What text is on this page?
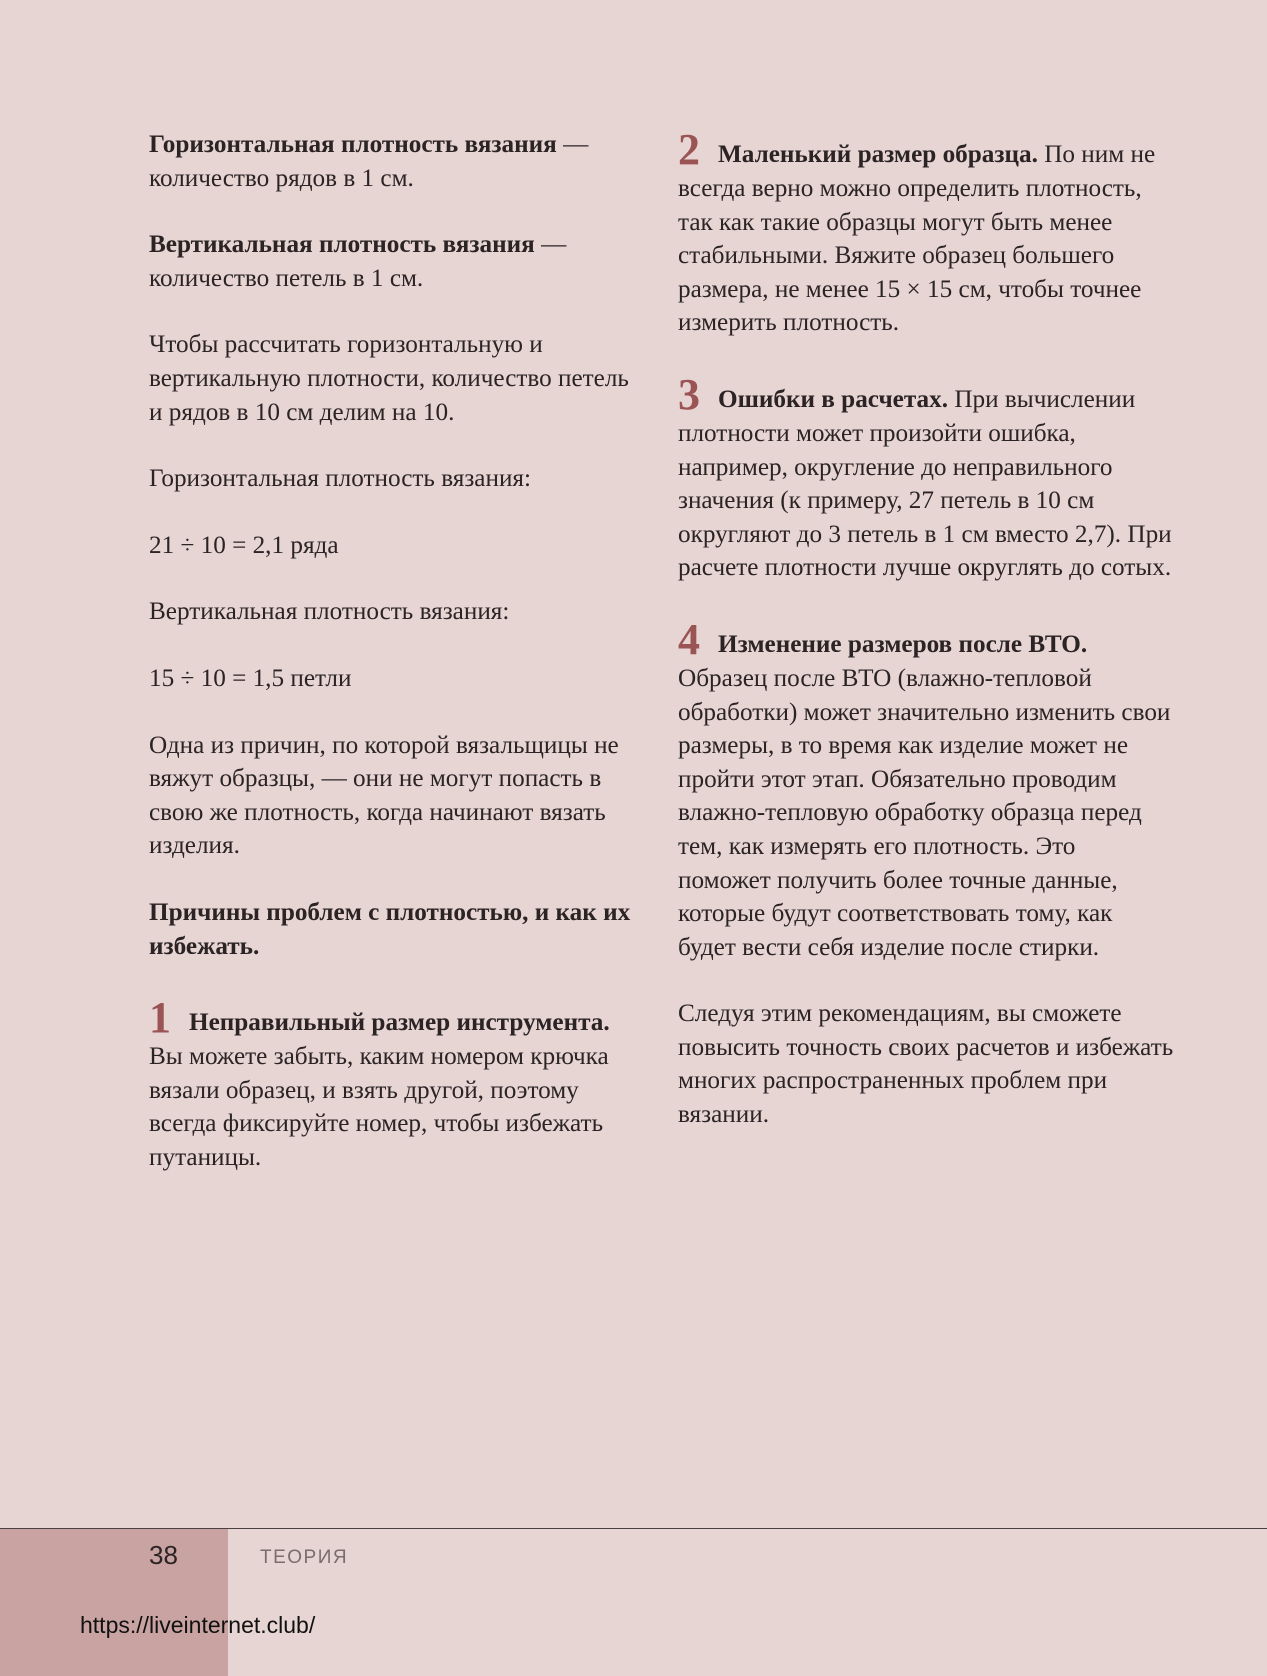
Горизонтальная плотность вязания — количество рядов в 1 см.

Вертикальная плотность вязания — количество петель в 1 см.

Чтобы рассчитать горизонтальную и вертикальную плотности, количество петель и рядов в 10 см делим на 10.

Горизонтальная плотность вязания:

21 ÷ 10 = 2,1 ряда

Вертикальная плотность вязания:

15 ÷ 10 = 1,5 петли

Одна из причин, по которой вязальщицы не вяжут образцы, — они не могут попасть в свою же плотность, когда начинают вязать изделия.

Причины проблем с плотностью, и как их избежать.

1 Неправильный размер инструмента. Вы можете забыть, каким номером крючка вязали образец, и взять другой, поэтому всегда фиксируйте номер, чтобы избежать путаницы.

2 Маленький размер образца. По ним не всегда верно можно определить плотность, так как такие образцы могут быть менее стабильными. Вяжите образец большего размера, не менее 15 × 15 см, чтобы точнее измерить плотность.

3 Ошибки в расчетах. При вычислении плотности может произойти ошибка, например, округление до неправильного значения (к примеру, 27 петель в 10 см округляют до 3 петель в 1 см вместо 2,7). При расчете плотности лучше округлять до сотых.

4 Изменение размеров после ВТО. Образец после ВТО (влажно-тепловой обработки) может значительно изменить свои размеры, в то время как изделие может не пройти этот этап. Обязательно проводим влажно-тепловую обработку образца перед тем, как измерять его плотность. Это поможет получить более точные данные, которые будут соответствовать тому, как будет вести себя изделие после стирки.

Следуя этим рекомендациям, вы сможете повысить точность своих расчетов и избежать многих распространенных проблем при вязании.

38	ТЕОРИЯ
https://liveinternet.club/
